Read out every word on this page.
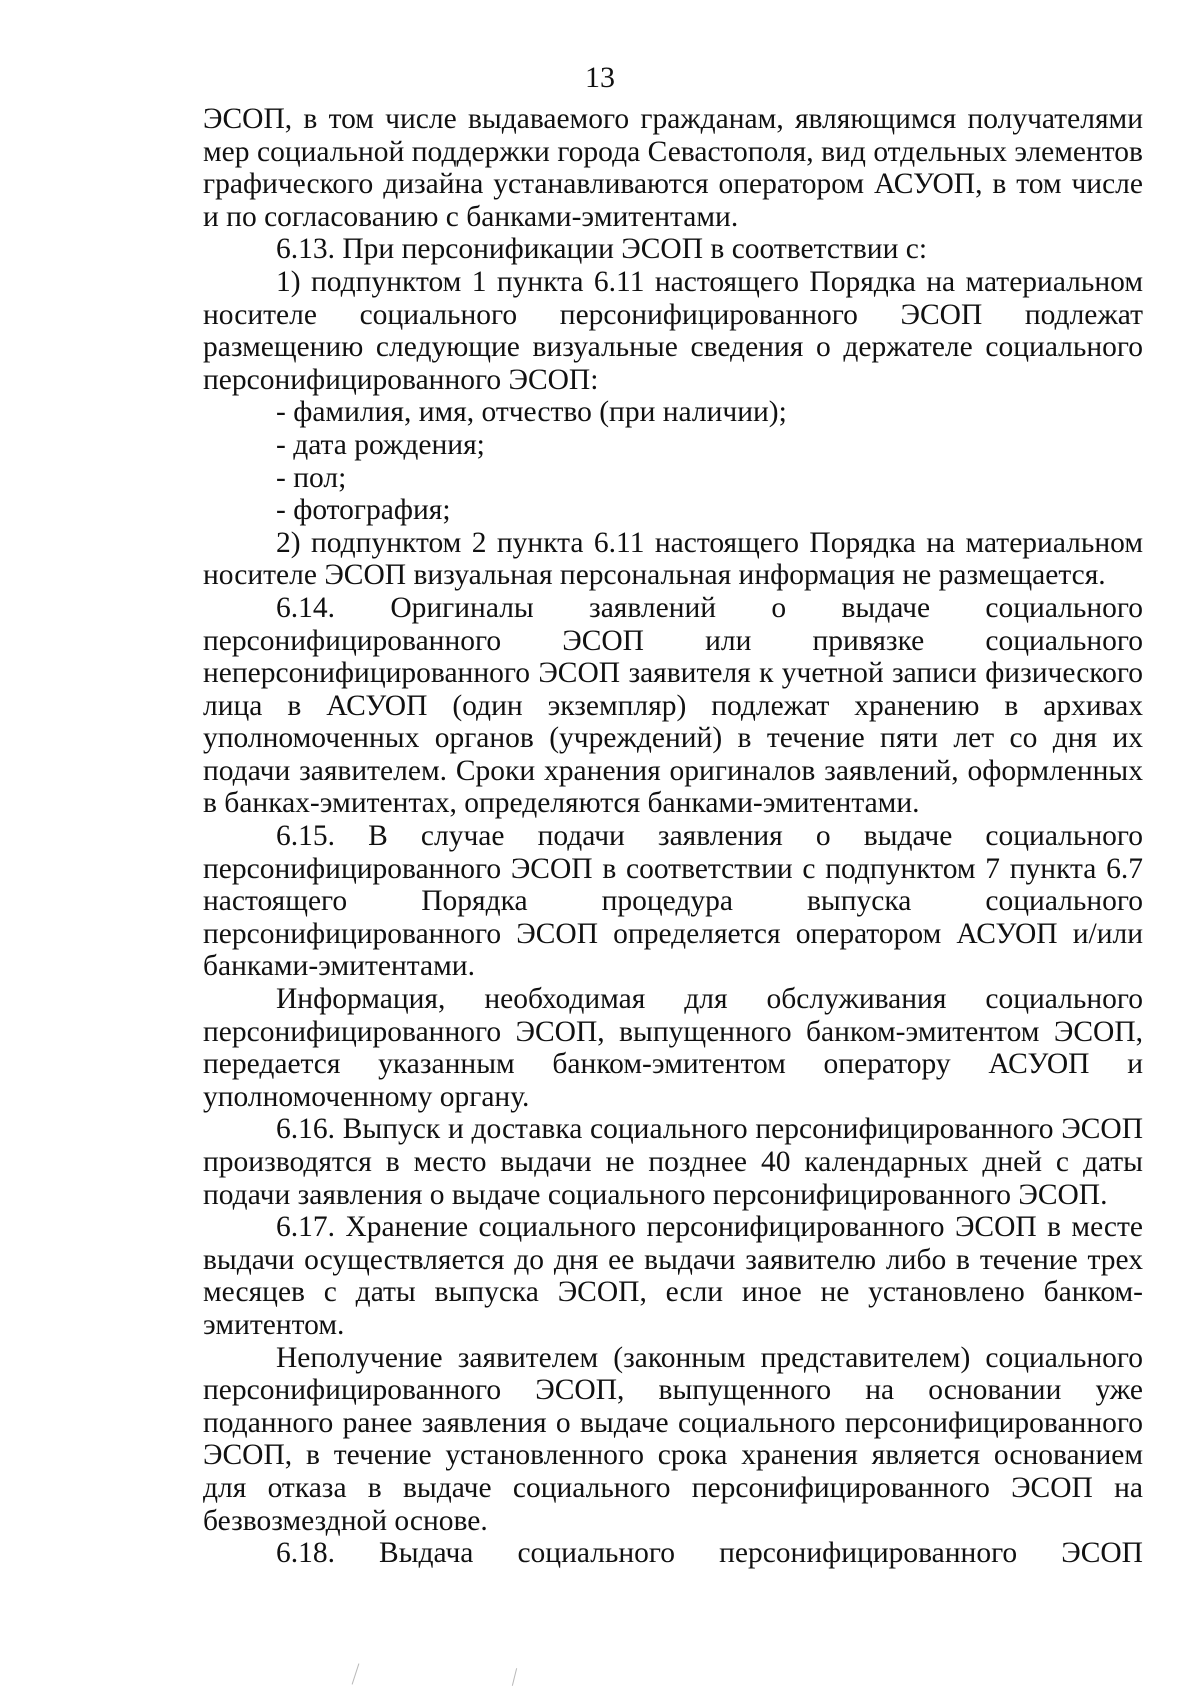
13

ЭСОП, в том числе выдаваемого гражданам, являющимся получателями мер социальной поддержки города Севастополя, вид отдельных элементов графического дизайна устанавливаются оператором АСУОП, в том числе и по согласованию с банками-эмитентами.

6.13. При персонификации ЭСОП в соответствии с:

1) подпунктом 1 пункта 6.11 настоящего Порядка на материальном носителе социального персонифицированного ЭСОП подлежат размещению следующие визуальные сведения о держателе социального персонифицированного ЭСОП:

- фамилия, имя, отчество (при наличии);
- дата рождения;
- пол;
- фотография;

2) подпунктом 2 пункта 6.11 настоящего Порядка на материальном носителе ЭСОП визуальная персональная информация не размещается.

6.14. Оригиналы заявлений о выдаче социального персонифицированного ЭСОП или привязке социального неперсонифицированного ЭСОП заявителя к учетной записи физического лица в АСУОП (один экземпляр) подлежат хранению в архивах уполномоченных органов (учреждений) в течение пяти лет со дня их подачи заявителем. Сроки хранения оригиналов заявлений, оформленных в банках-эмитентах, определяются банками-эмитентами.

6.15. В случае подачи заявления о выдаче социального персонифицированного ЭСОП в соответствии с подпунктом 7 пункта 6.7 настоящего Порядка процедура выпуска социального персонифицированного ЭСОП определяется оператором АСУОП и/или банками-эмитентами.

Информация, необходимая для обслуживания социального персонифицированного ЭСОП, выпущенного банком-эмитентом ЭСОП, передается указанным банком-эмитентом оператору АСУОП и уполномоченному органу.

6.16. Выпуск и доставка социального персонифицированного ЭСОП производятся в место выдачи не позднее 40 календарных дней с даты подачи заявления о выдаче социального персонифицированного ЭСОП.

6.17. Хранение социального персонифицированного ЭСОП в месте выдачи осуществляется до дня ее выдачи заявителю либо в течение трех месяцев с даты выпуска ЭСОП, если иное не установлено банком-эмитентом.

Неполучение заявителем (законным представителем) социального персонифицированного ЭСОП, выпущенного на основании уже поданного ранее заявления о выдаче социального персонифицированного ЭСОП, в течение установленного срока хранения является основанием для отказа в выдаче социального персонифицированного ЭСОП на безвозмездной основе.

6.18. Выдача социального персонифицированного ЭСОП
